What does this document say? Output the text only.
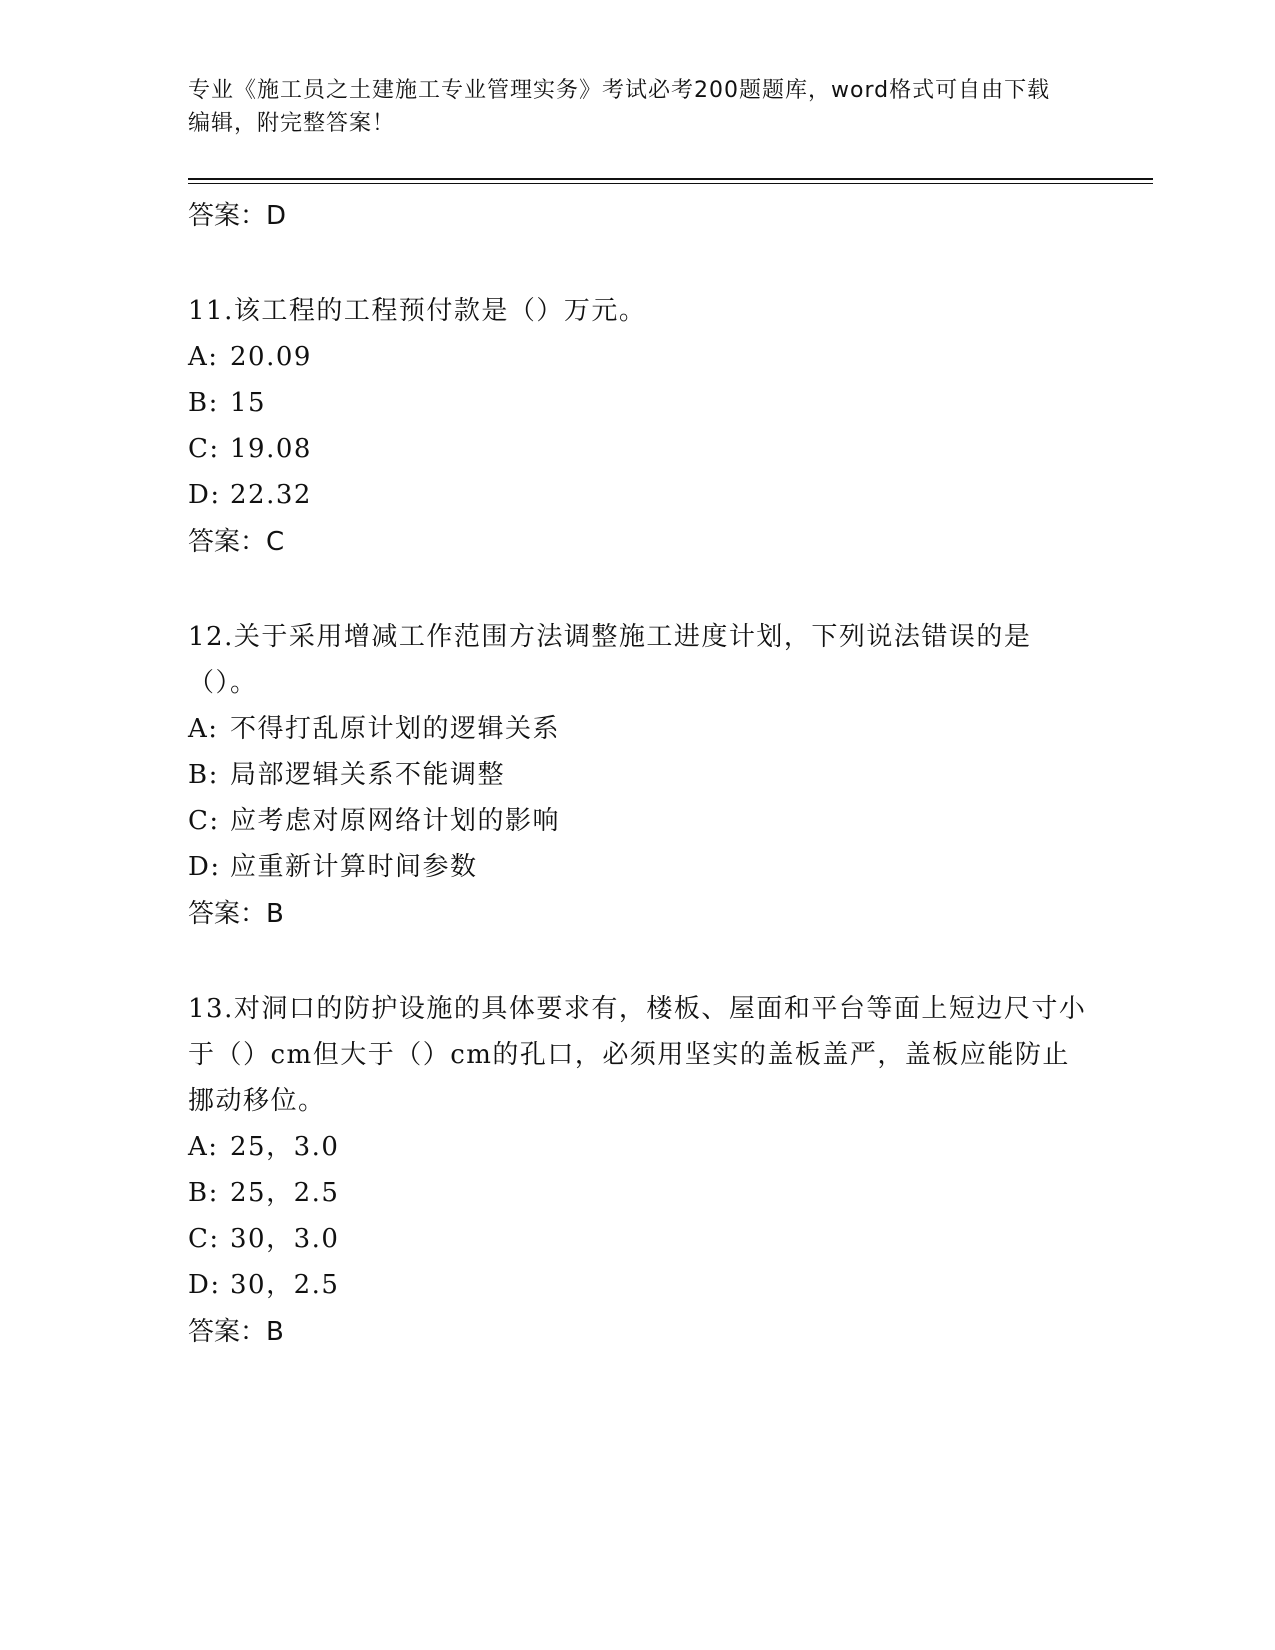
专业《施工员之土建施工专业管理实务》考试必考200题题库，word格式可自由下载编辑，附完整答案！
答案：D

11.该工程的工程预付款是（）万元。

A: 20.09
B: 15
C: 19.08
D: 22.32
答案：C

12.关于采用增减工作范围方法调整施工进度计划，下列说法错误的是（）。

A: 不得打乱原计划的逻辑关系
B: 局部逻辑关系不能调整
C: 应考虑对原网络计划的影响
D: 应重新计算时间参数
答案：B

13.对洞口的防护设施的具体要求有，楼板、屋面和平台等面上短边尺寸小于（）cm但大于（）cm的孔口，必须用坚实的盖板盖严，盖板应能防止挪动移位。

A: 25，3.0
B: 25，2.5
C: 30，3.0
D: 30，2.5
答案：B
